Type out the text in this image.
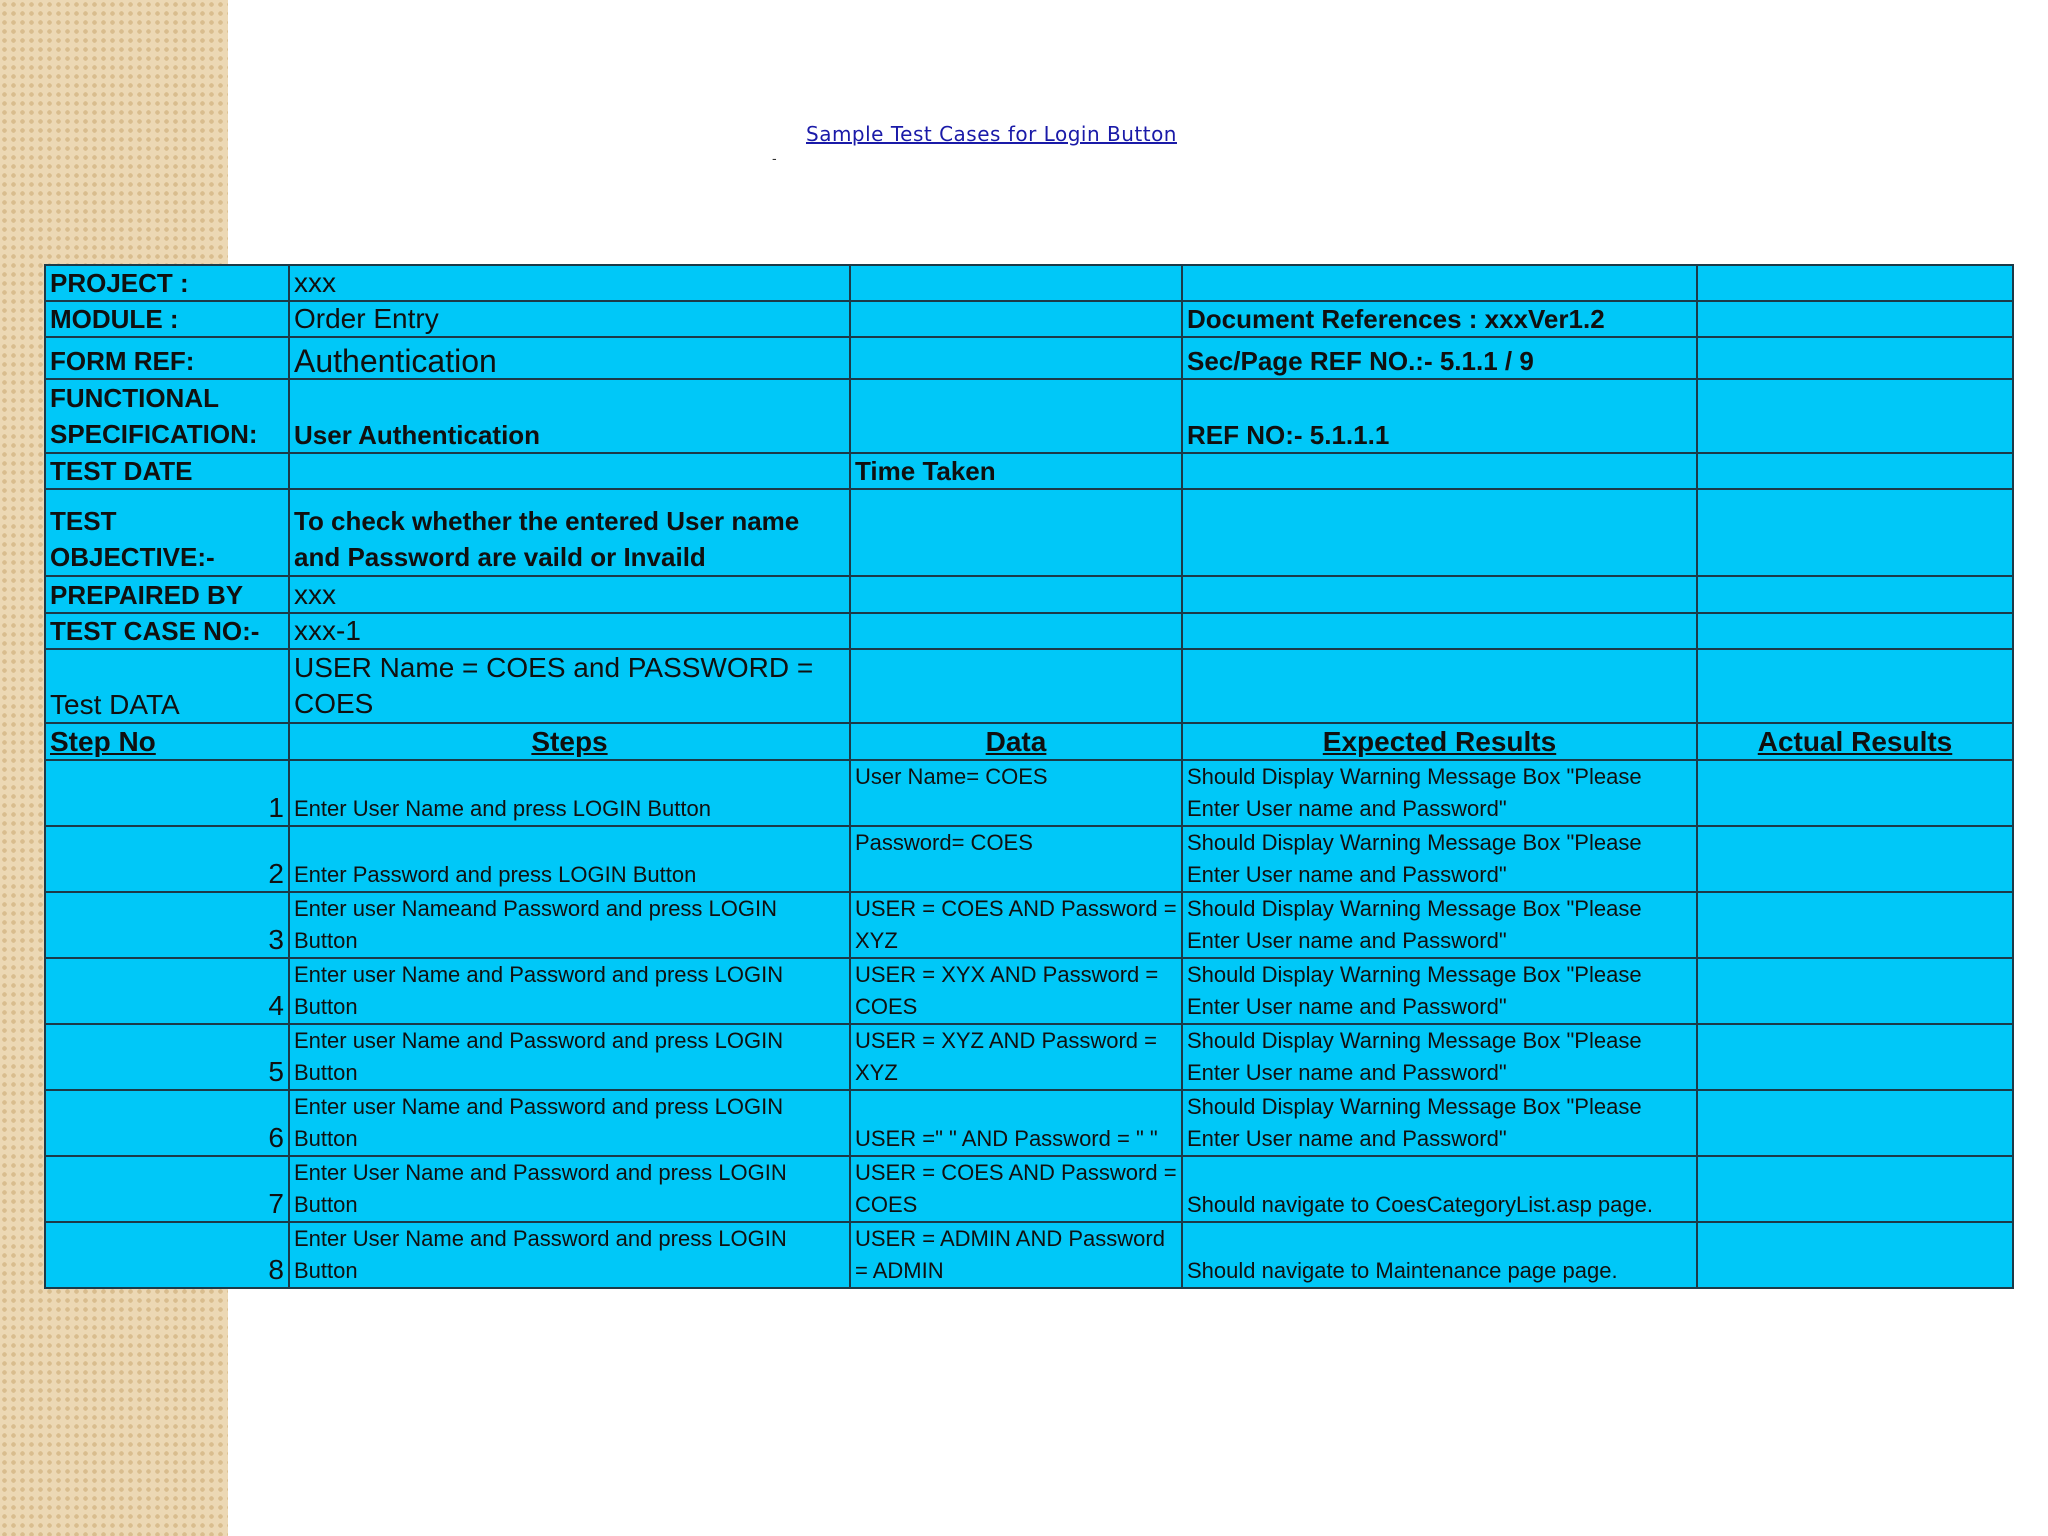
Sample Test Cases for Login Button
-
PROJECT :	xxx			
MODULE :	Order Entry		Document References : xxxVer1.2	
FORM REF:	Authentication		Sec/Page REF NO.:- 5.1.1 / 9	
FUNCTIONAL SPECIFICATION:	User Authentication		REF NO:- 5.1.1.1	
TEST DATE		Time Taken		
TEST OBJECTIVE:-	To check whether the entered User name and Password are vaild or Invaild			
PREPAIRED BY	xxx			
TEST CASE NO:-	xxx-1			
Test DATA	USER Name = COES and PASSWORD = COES			
Step No	Steps	Data	Expected Results	Actual Results
1	Enter User Name and press LOGIN Button	User Name= COES	Should Display Warning Message Box "Please Enter User name and Password"	
2	Enter Password and press LOGIN Button	Password= COES	Should Display Warning Message Box "Please Enter User name and Password"	
3	Enter user Nameand Password and press LOGIN Button	USER = COES AND Password = XYZ	Should Display Warning Message Box "Please Enter User name and Password"	
4	Enter user Name and Password and press LOGIN Button	USER = XYX AND Password = COES	Should Display Warning Message Box "Please Enter User name and Password"	
5	Enter user Name and Password and press LOGIN Button	USER = XYZ AND Password = XYZ	Should Display Warning Message Box "Please Enter User name and Password"	
6	Enter user Name and Password and press LOGIN Button	USER =" " AND Password = " "	Should Display Warning Message Box "Please Enter User name and Password"	
7	Enter User Name and Password and press LOGIN Button	USER = COES AND Password = COES	Should navigate to CoesCategoryList.asp page.	
8	Enter User Name and Password and press LOGIN Button	USER = ADMIN AND Password = ADMIN	Should navigate to Maintenance page page.	
